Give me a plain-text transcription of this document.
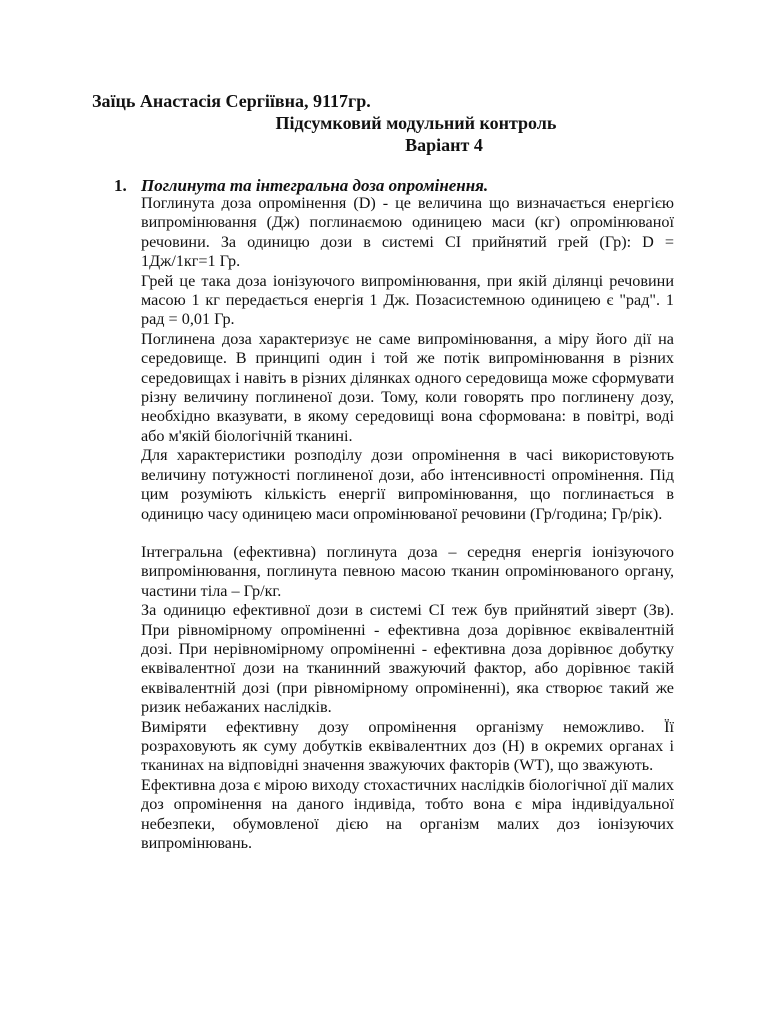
Заїць Анастасія Сергіївна, 9117гр.
Підсумковий модульний контроль
Варіант 4
1. Поглинута та інтегральна доза опромінення.

Поглинута доза опромінення (D) - це величина що визначається енергією випромінювання (Дж) поглинаємою одиницею маси (кг) опромінюваної речовини. За одиницю дози в системі СІ прийнятий грей (Гр): D = 1Дж/1кг=1 Гр.

Грей це така доза іонізуючого випромінювання, при якій ділянці речовини масою 1 кг передається енергія 1 Дж. Позасистемною одиницею є "рад". 1 рад = 0,01 Гр.

Поглинена доза характеризує не саме випромінювання, а міру його дії на середовище. В принципі один і той же потік випромінювання в різних середовищах і навіть в різних ділянках одного середовища може сформувати різну величину поглиненої дози. Тому, коли говорять про поглинену дозу, необхідно вказувати, в якому середовищі вона сформована: в повітрі, воді або м'якій біологічній тканині.

Для характеристики розподілу дози опромінення в часі використовують величину потужності поглиненої дози, або інтенсивності опромінення. Під цим розуміють кількість енергії випромінювання, що поглинається в одиницю часу одиницею маси опромінюваної речовини (Гр/година; Гр/рік).

Інтегральна (ефективна) поглинута доза – середня енергія іонізуючого випромінювання, поглинута певною масою тканин опромінюваного органу, частини тіла – Гр/кг.

За одиницю ефективної дози в системі СІ теж був прийнятий зіверт (Зв). При рівномірному опроміненні - ефективна доза дорівнює еквівалентній дозі. При нерівномірному опроміненні - ефективна доза дорівнює добутку еквівалентної дози на тканинний зважуючий фактор, або дорівнює такій еквівалентній дозі (при рівномірному опроміненні), яка створює такий же ризик небажаних наслідків.

Виміряти ефективну дозу опромінення організму неможливо. Її розраховують як суму добутків еквівалентних доз (Н) в окремих органах і тканинах на відповідні значення зважуючих факторів (WT), що зважують.

Ефективна доза є мірою виходу стохастичних наслідків біологічної дії малих доз опромінення на даного індивіда, тобто вона є міра індивідуальної небезпеки, обумовленої дією на організм малих доз іонізуючих випромінювань.
